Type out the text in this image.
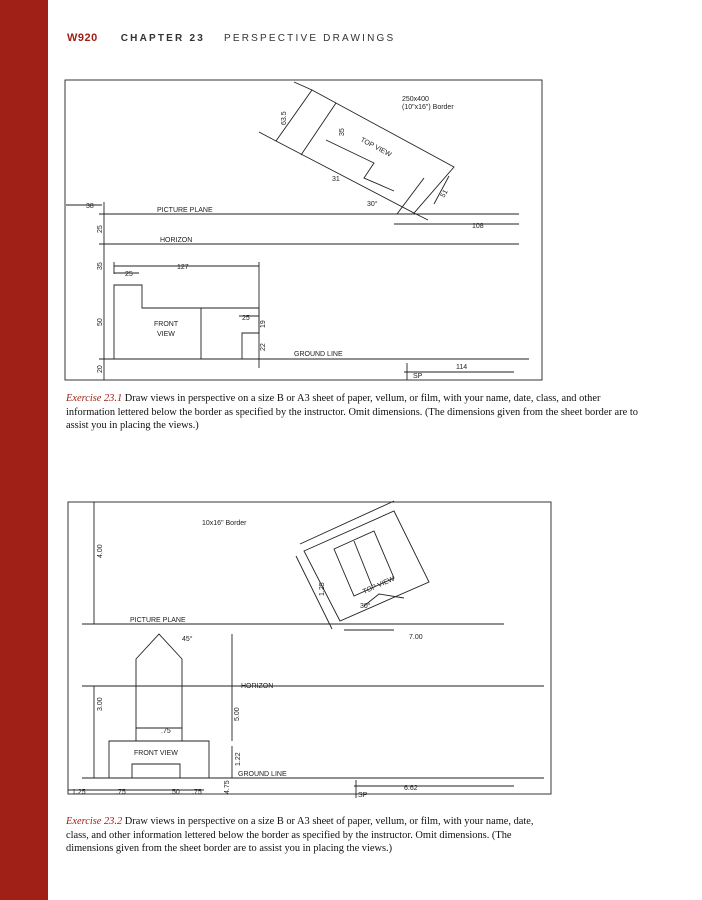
W920 CHAPTER 23 PERSPECTIVE DRAWINGS
250x400
(10"x16") Border
TOP VIEW
PICTURE PLANE
HORIZON
GROUND LINE
FRONT
VIEW
SP
30°
63.5
35
31
51
38
108
25
35	127
25
25
50	19
22
20	114
Exercise 23.1 Draw views in perspective on a size B or A3 sheet of paper, vellum, or film, with your name, date, class, and other information lettered below the border as specified by the instructor. Omit dimensions. (The dimensions given from the sheet border are to assist you in placing the views.)
10x16" Border
TOP VIEW
PICTURE PLANE
HORIZON
GROUND LINE
FRONT VIEW
SP
30°
3.00
1.25
4.00
7.00
45°
.75
5.00
1.22
4.75
1.25	.75	.50 .75
6.62
Exercise 23.2 Draw views in perspective on a size B or A3 sheet of paper, vellum, or film, with your name, date, class, and other information lettered below the border as specified by the instructor. Omit dimensions. (The dimensions given from the sheet border are to assist you in placing the views.)
